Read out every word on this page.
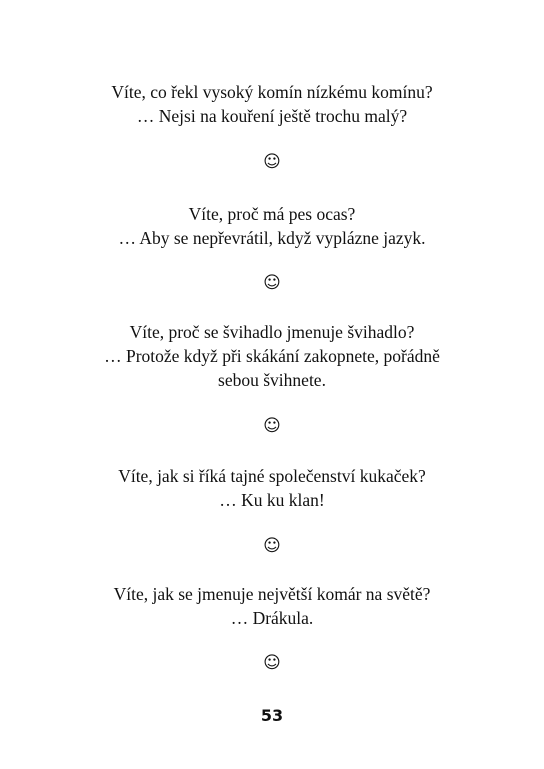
Víte, co řekl vysoký komín nízkému komínu?

… Nejsi na kouření ještě trochu malý?

☺

Víte, proč má pes ocas?

… Aby se nepřevrátil, když vyplázne jazyk.

☺

Víte, proč se švihadlo jmenuje švihadlo?

… Protože když při skákání zakopnete, pořádně

sebou švihnete.

☺

Víte, jak si říká tajné společenství kukaček?

… Ku ku klan!

☺

Víte, jak se jmenuje největší komár na světě?

… Drákula.

☺
53
